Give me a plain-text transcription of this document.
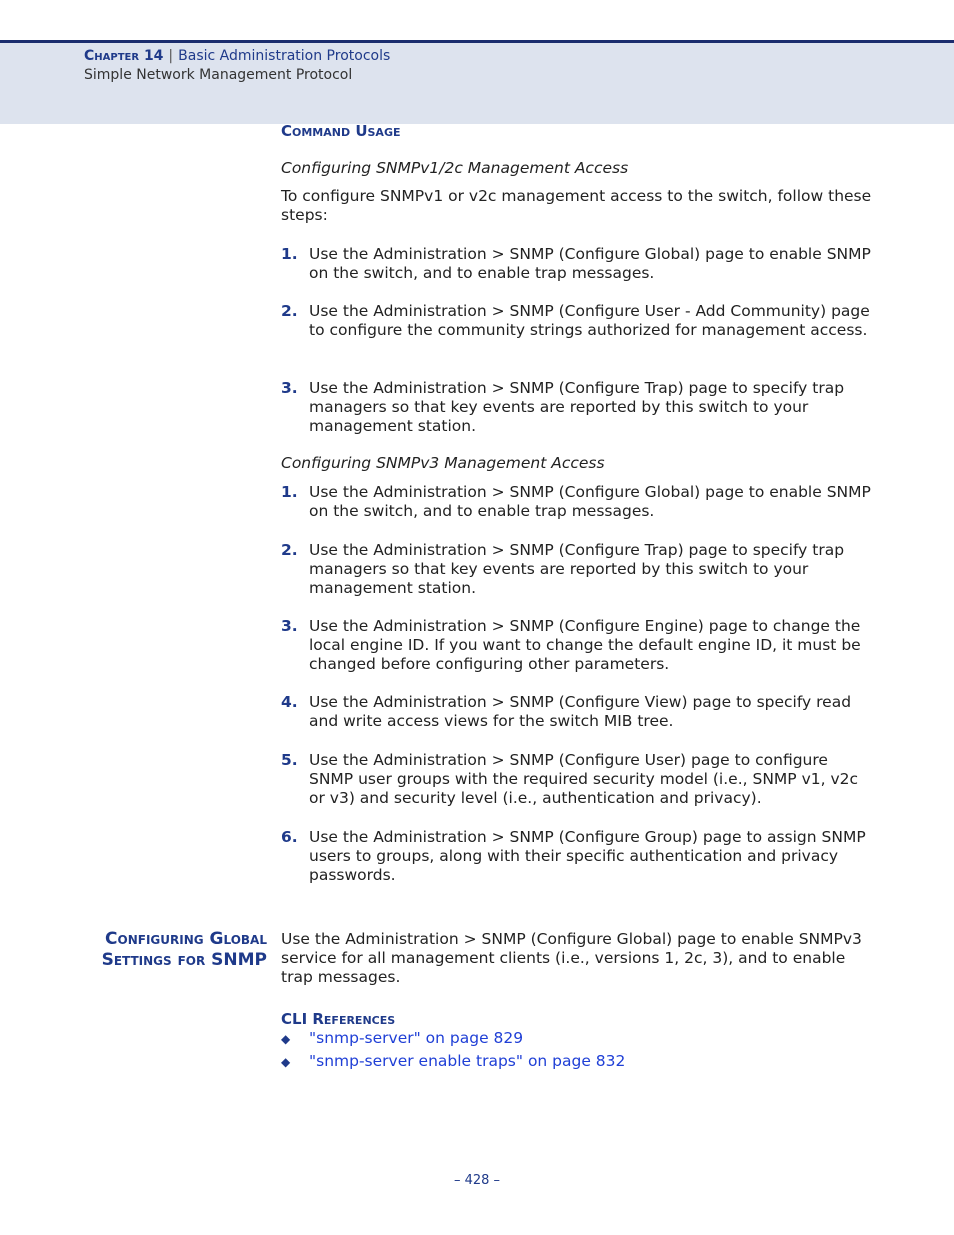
Chapter 14 | Basic Administration Protocols
Simple Network Management Protocol
Command Usage
Configuring SNMPv1/2c Management Access
To configure SNMPv1 or v2c management access to the switch, follow these steps:
1. Use the Administration > SNMP (Configure Global) page to enable SNMP on the switch, and to enable trap messages.
2. Use the Administration > SNMP (Configure User - Add Community) page to configure the community strings authorized for management access.
3. Use the Administration > SNMP (Configure Trap) page to specify trap managers so that key events are reported by this switch to your management station.
Configuring SNMPv3 Management Access
1. Use the Administration > SNMP (Configure Global) page to enable SNMP on the switch, and to enable trap messages.
2. Use the Administration > SNMP (Configure Trap) page to specify trap managers so that key events are reported by this switch to your management station.
3. Use the Administration > SNMP (Configure Engine) page to change the local engine ID. If you want to change the default engine ID, it must be changed before configuring other parameters.
4. Use the Administration > SNMP (Configure View) page to specify read and write access views for the switch MIB tree.
5. Use the Administration > SNMP (Configure User) page to configure SNMP user groups with the required security model (i.e., SNMP v1, v2c or v3) and security level (i.e., authentication and privacy).
6. Use the Administration > SNMP (Configure Group) page to assign SNMP users to groups, along with their specific authentication and privacy passwords.
Configuring Global
Settings for SNMP
Use the Administration > SNMP (Configure Global) page to enable SNMPv3 service for all management clients (i.e., versions 1, 2c, 3), and to enable trap messages.
CLI References
◆ "snmp-server" on page 829
◆ "snmp-server enable traps" on page 832
– 428 –
